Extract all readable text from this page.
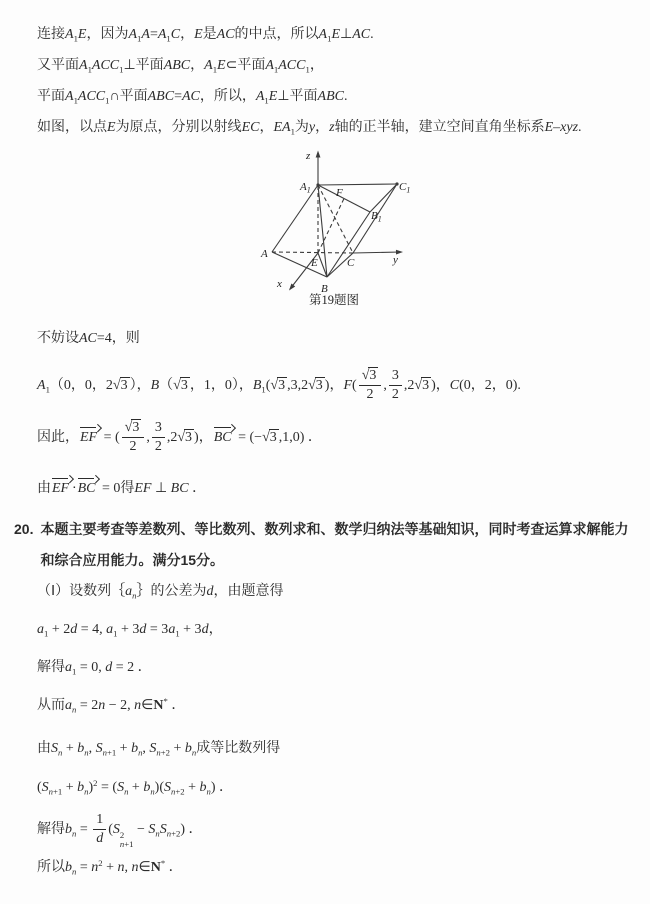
连接$A_1E$，因为$A_1A=A_1C$，E是AC的中点，所以$A_1E\perp AC$.
又平面$A_1ACC_1\perp$平面ABC，$A_1E\subset$平面$A_1ACC_1$，
平面$A_1ACC_1\cap$平面ABC=AC，所以，$A_1E\perp$平面ABC.
如图，以点E为原点，分别以射线EC，$EA_1$为y，z轴的正半轴，建立空间直角坐标系E–xyz.
$A_1$	$C_1$
$B_1$
F
A
E	C
B
x
y
z
第19题图
不妨设AC=4，则
$A_1(0$，0，2√3 ），B（√3 ，1，0），$B_1(√3$ ,3,2√3 )，$F( \frac{√3}{2}$ , $\frac{3}{2} ,2√3$ )，C(0，2，0).
因此，EF = ( $\frac{√3}{2}$ , $\frac{3}{2} ,2√3$ )，BC = (−√3 ,1,0) ．
由EF ⋅BC = 0得EF ⊥ BC ．
20. 本题主要考查等差数列、等比数列、数列求和、数学归纳法等基础知识，同时考查运算求解能力和综合应用能力。满分15分。
（Ⅰ）设数列$\{a_n\}$的公差为d，由题意得
$a_1 + 2d = 4$, $a_1 + 3d = 3a_1 + 3d$，
解得$a_1 = 0$, d = 2 ．
从而$a_n = 2n - 2$, n∈N* ．
由$S_n + b_n$, $S_{n+1} + b_n$, $S_{n+2} + b_n$成等比数列得
$(S_{n+1} + b_n)^2 = (S_n + b_n)(S_{n+2} + b_n)$ ．
解得$b_n = \frac{1}{d} (S$ 2
n+1
− $S_nS_{n+2}$) ．
所以$b_n = n^2 + n$, n∈N* ．
